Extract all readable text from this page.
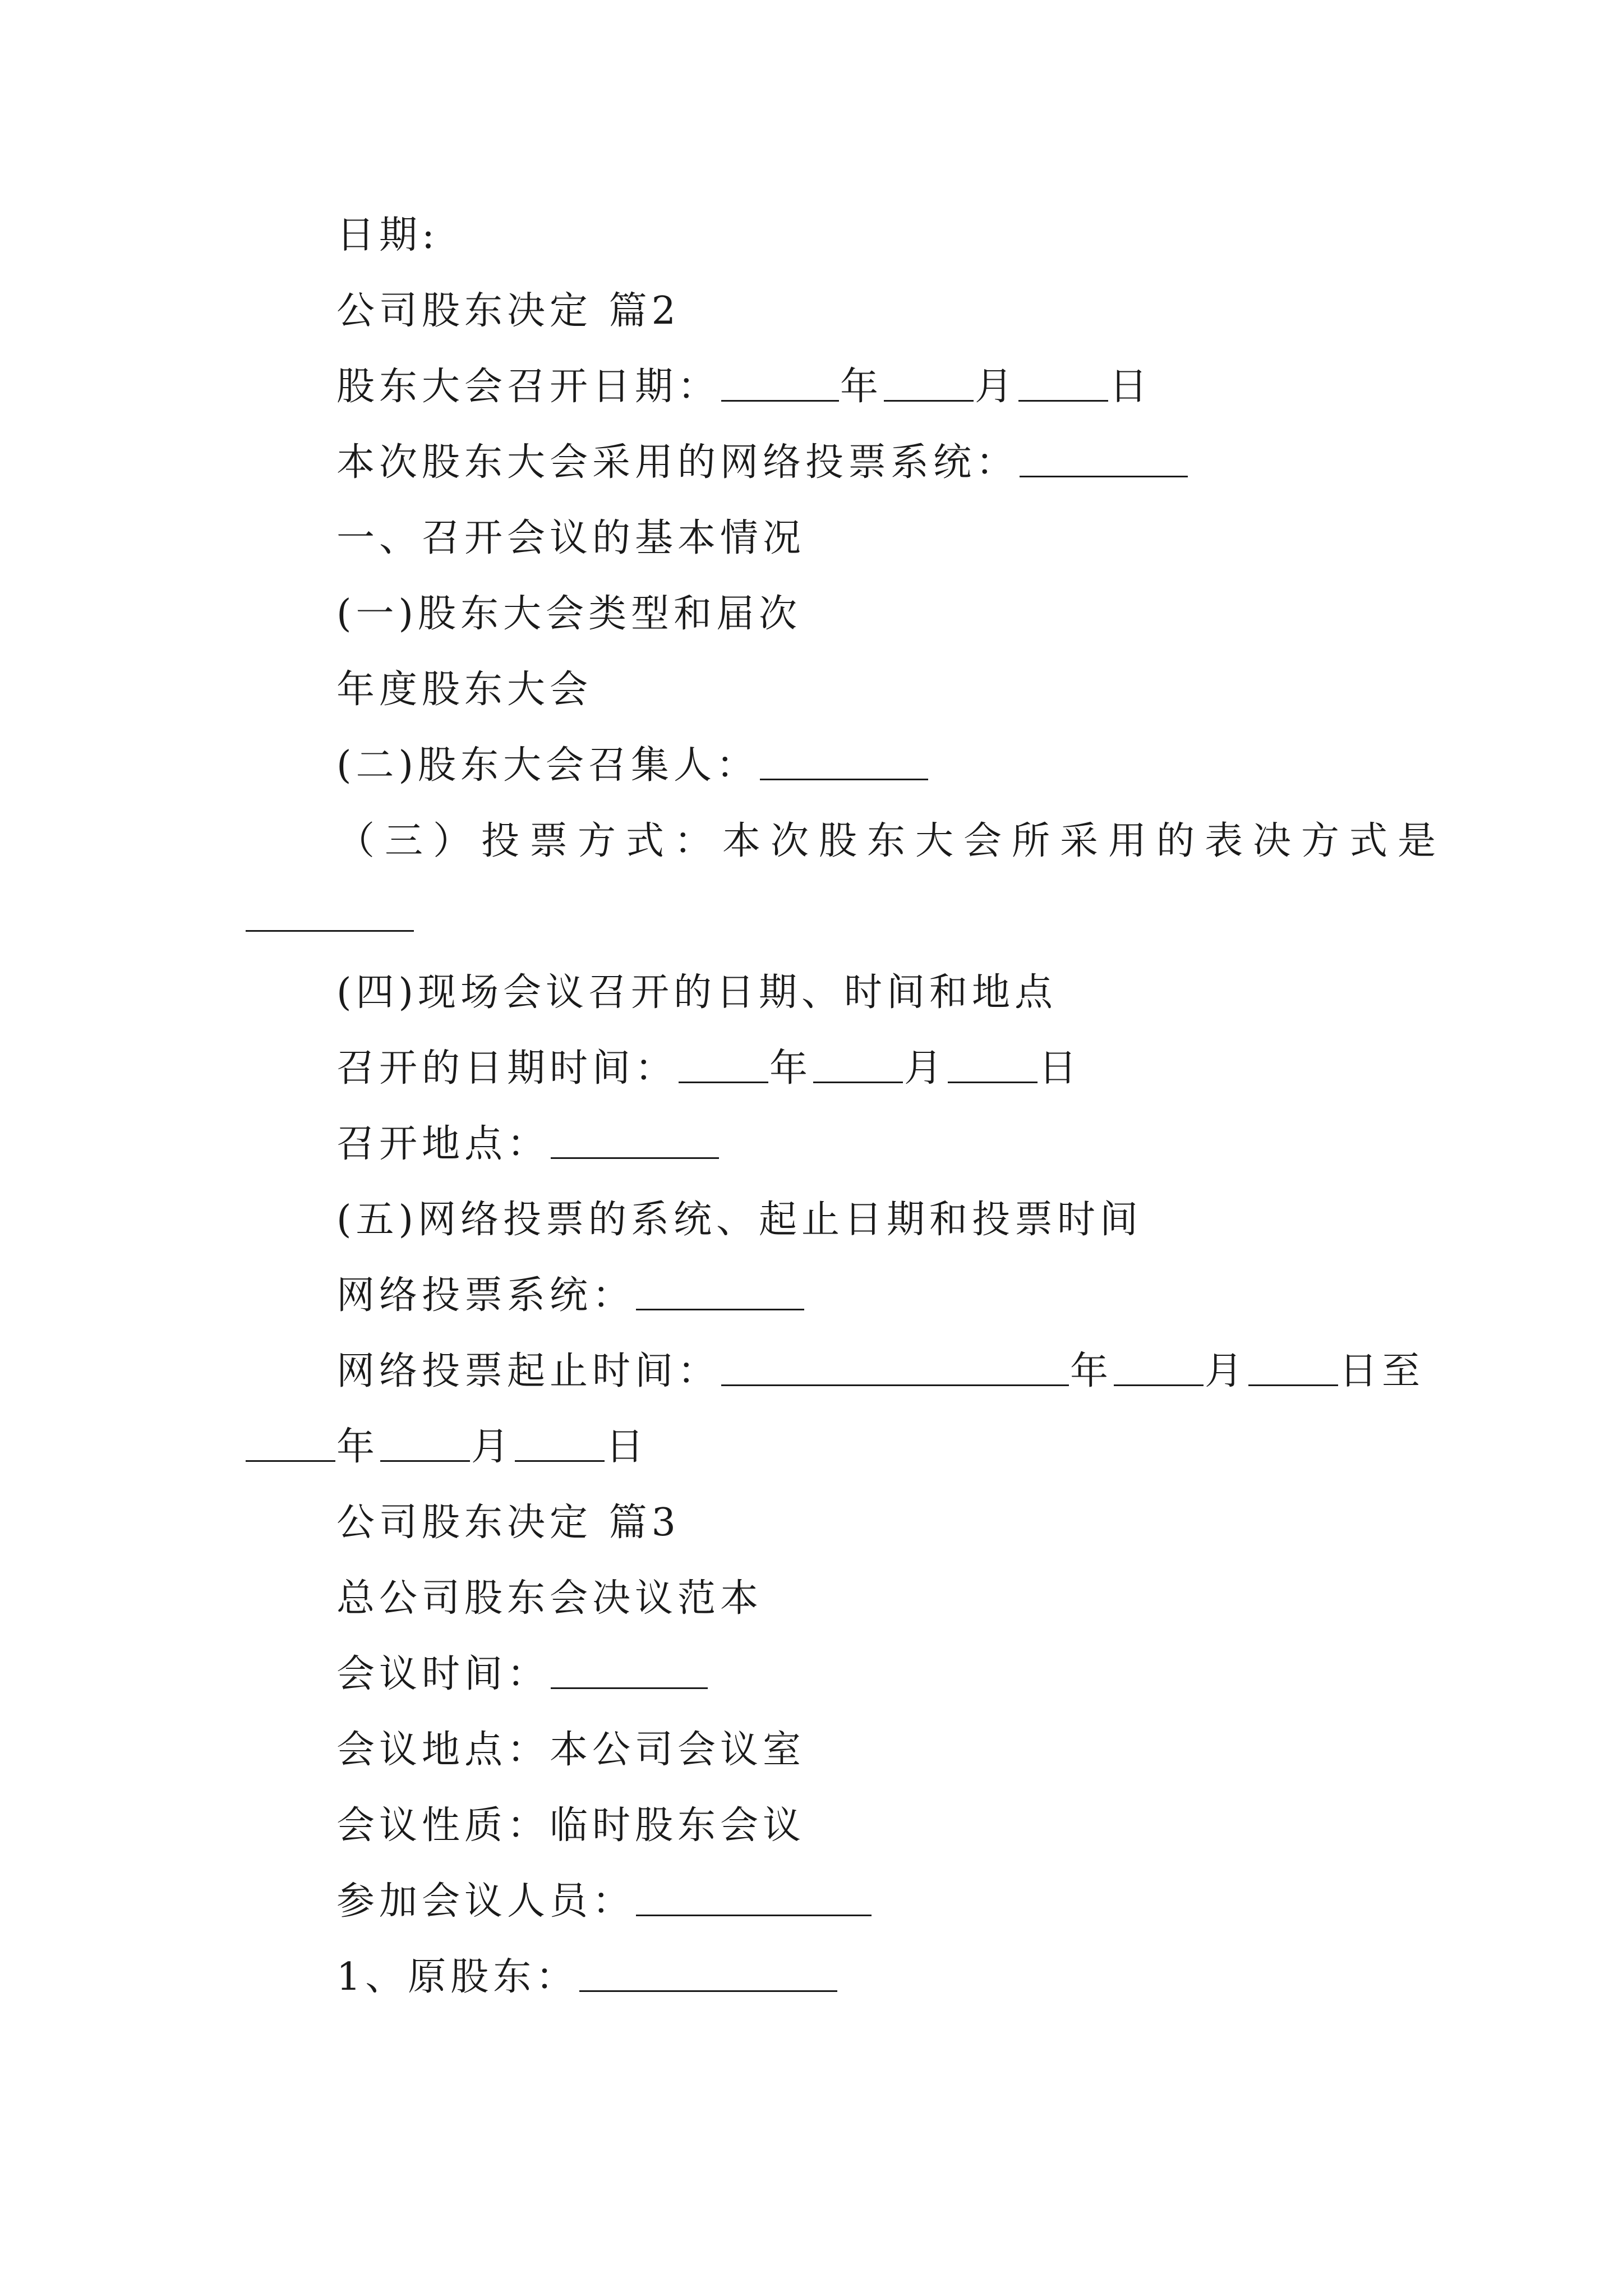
日期:
公司股东决定 篇2
股东大会召开日期：	年 月 日
本次股东大会采用的网络投票系统：
一、召开会议的基本情况
(一)股东大会类型和届次
年度股东大会
(二)股东大会召集人：
（三）投票方式：本次股东大会所采用的表决方式是
(四)现场会议召开的日期、时间和地点
召开的日期时间： 年 月 日
召开地点：
(五)网络投票的系统、起止日期和投票时间
网络投票系统：
网络投票起止时间：	年 月 日至
年 月 日
公司股东决定 篇3
总公司股东会决议范本
会议时间：
会议地点：本公司会议室
会议性质：临时股东会议
参加会议人员：
1、原股东：
